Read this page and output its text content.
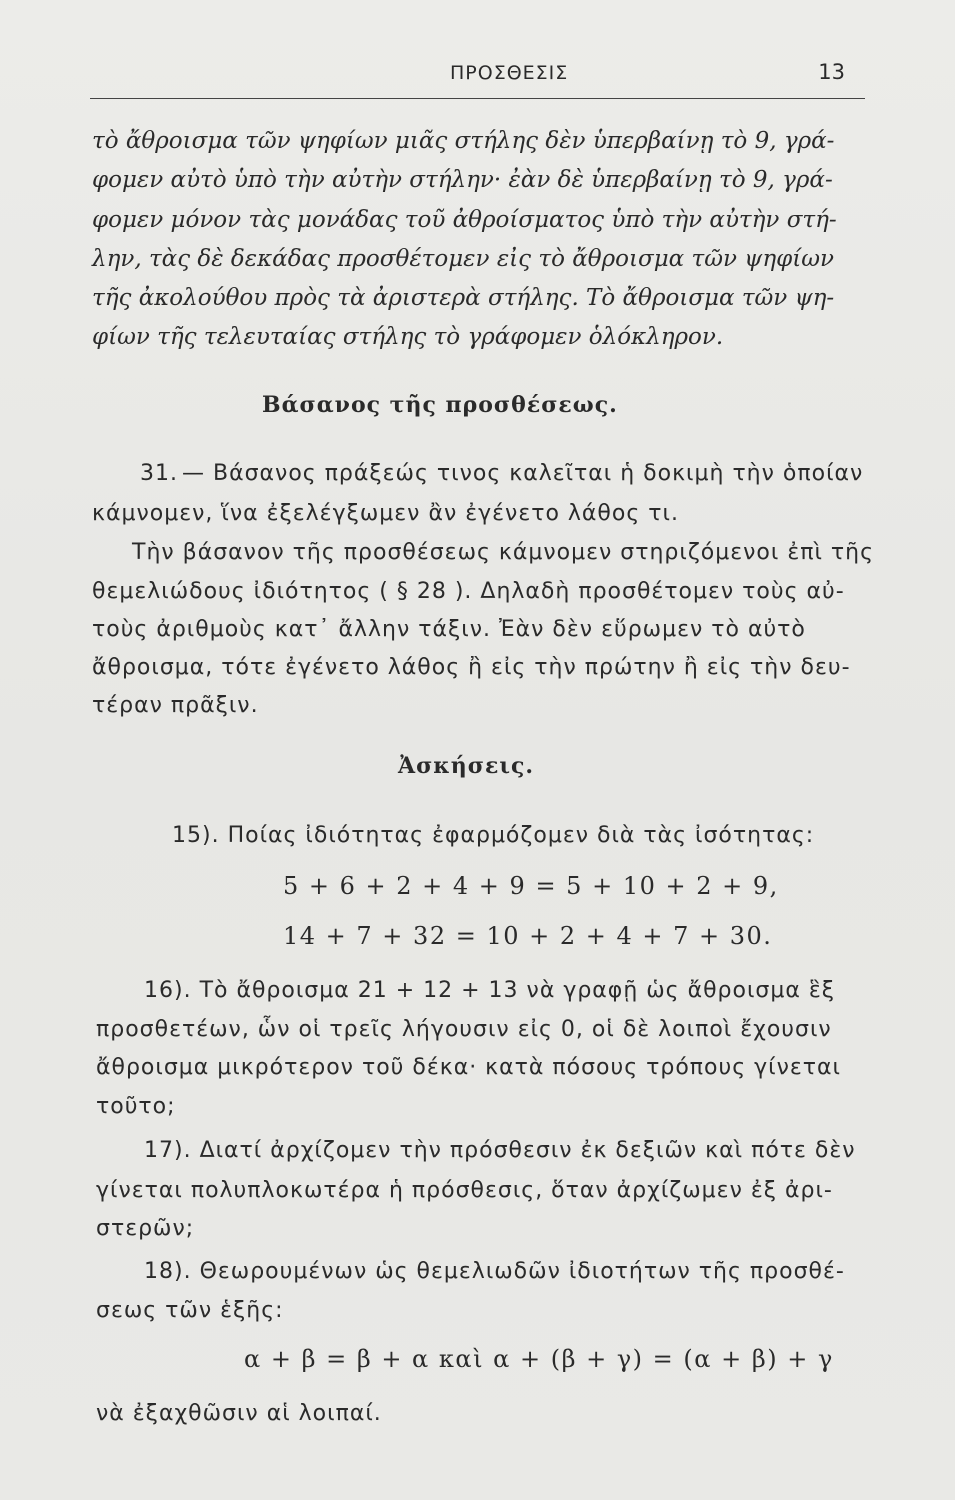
ΠΡΟΣΘΕΣΙΣ	13
τὸ ἄθροισμα τῶν ψηφίων μιᾶς στήλης δὲν ὑπερβαίνῃ τὸ 9, γρά-
φομεν αὐτὸ ὑπὸ τὴν αὐτὴν στήλην· ἐὰν δὲ ὑπερβαίνῃ τὸ 9, γρά-
φομεν μόνον τὰς μονάδας τοῦ ἀθροίσματος ὑπὸ τὴν αὐτὴν στή-
λην, τὰς δὲ δεκάδας προσθέτομεν εἰς τὸ ἄθροισμα τῶν ψηφίων
τῆς ἀκολούθου πρὸς τὰ ἀριστερὰ στήλης. Τὸ ἄθροισμα τῶν ψη-
φίων τῆς τελευταίας στήλης τὸ γράφομεν ὁλόκληρον.
Βάσανος τῆς προσθέσεως.
31. — Βάσανος πράξεώς τινος καλεῖται ἡ δοκιμὴ τὴν ὁποίαν
κάμνομεν, ἵνα ἐξελέγξωμεν ἂν ἐγένετο λάθος τι.
Τὴν βάσανον τῆς προσθέσεως κάμνομεν στηριζόμενοι ἐπὶ τῆς
θεμελιώδους ἰδιότητος ( § 28 ). Δηλαδὴ προσθέτομεν τοὺς αὐ-
τοὺς ἀριθμοὺς κατ᾿ ἄλλην τάξιν. Ἐὰν δὲν εὕρωμεν τὸ αὐτὸ
ἄθροισμα, τότε ἐγένετο λάθος ἢ εἰς τὴν πρώτην ἢ εἰς τὴν δευ-
τέραν πρᾶξιν.
Ἀσκήσεις.
15). Ποίας ἰδιότητας ἐφαρμόζομεν διὰ τὰς ἰσότητας:
5 + 6 + 2 + 4 + 9 = 5 + 10 + 2 + 9,
14 + 7 + 32 = 10 + 2 + 4 + 7 + 30.
16). Τὸ ἄθροισμα 21 + 12 + 13 νὰ γραφῇ ὡς ἄθροισμα ἓξ
προσθετέων, ὧν οἱ τρεῖς λήγουσιν εἰς 0, οἱ δὲ λοιποὶ ἔχουσιν
ἄθροισμα μικρότερον τοῦ δέκα· κατὰ πόσους τρόπους γίνεται
τοῦτο;
17). Διατί ἀρχίζομεν τὴν πρόσθεσιν ἐκ δεξιῶν καὶ πότε δὲν
γίνεται πολυπλοκωτέρα ἡ πρόσθεσις, ὅταν ἀρχίζωμεν ἐξ ἀρι-
στερῶν;
18). Θεωρουμένων ὡς θεμελιωδῶν ἰδιοτήτων τῆς προσθέ-
σεως τῶν ἑξῆς:
α + β = β + α καὶ α + (β + γ) = (α + β) + γ
νὰ ἐξαχθῶσιν αἱ λοιπαί.
